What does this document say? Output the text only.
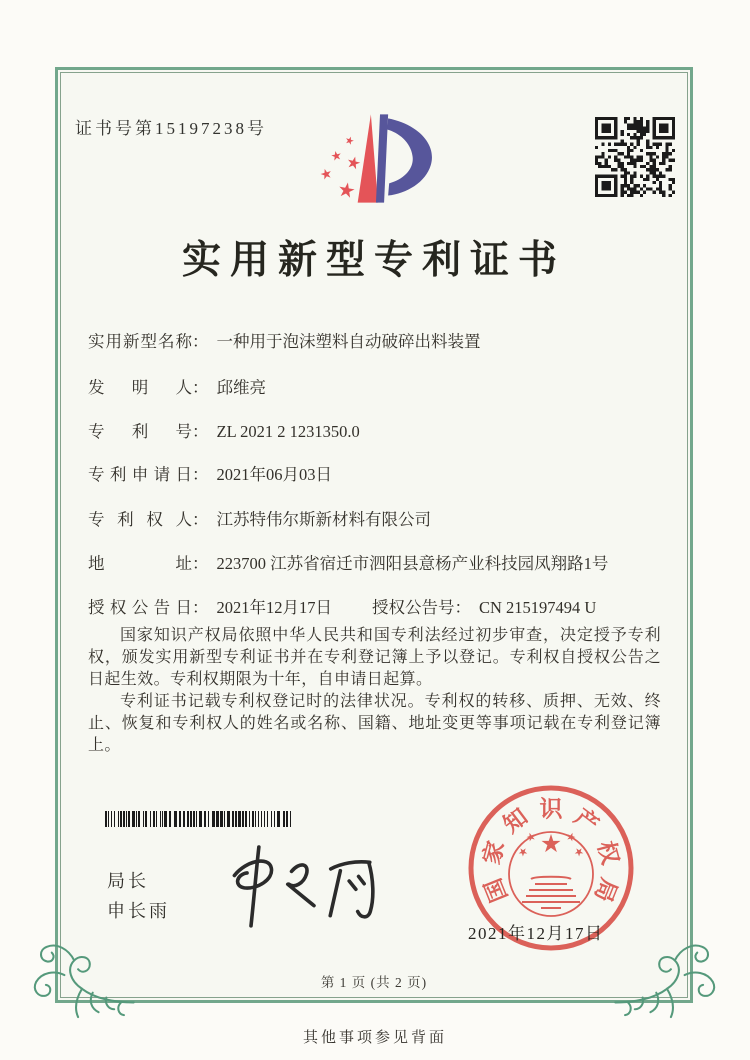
证书号第15197238号
实用新型专利证书
实用新型名称： 一种用于泡沫塑料自动破碎出料装置
发明人： 邱维亮
专利号： ZL 2021 2 1231350.0
专利申请日： 2021年06月03日
专利权人： 江苏特伟尔斯新材料有限公司
地址： 223700 江苏省宿迁市泗阳县意杨产业科技园凤翔路1号
授权公告日： 2021年12月17日 授权公告号： CN 215197494 U

国家知识产权局依照中华人民共和国专利法经过初步审查，决定授予专利权，颁发实用新型专利证书并在专利登记簿上予以登记。专利权自授权公告之日起生效。专利权期限为十年，自申请日起算。

专利证书记载专利权登记时的法律状况。专利权的转移、质押、无效、终止、恢复和专利权人的姓名或名称、国籍、地址变更等事项记载在专利登记簿上。

局长
申长雨
国
家
知 识 产
权
局
2021年12月17日
第 1 页 (共 2 页)
其他事项参见背面
